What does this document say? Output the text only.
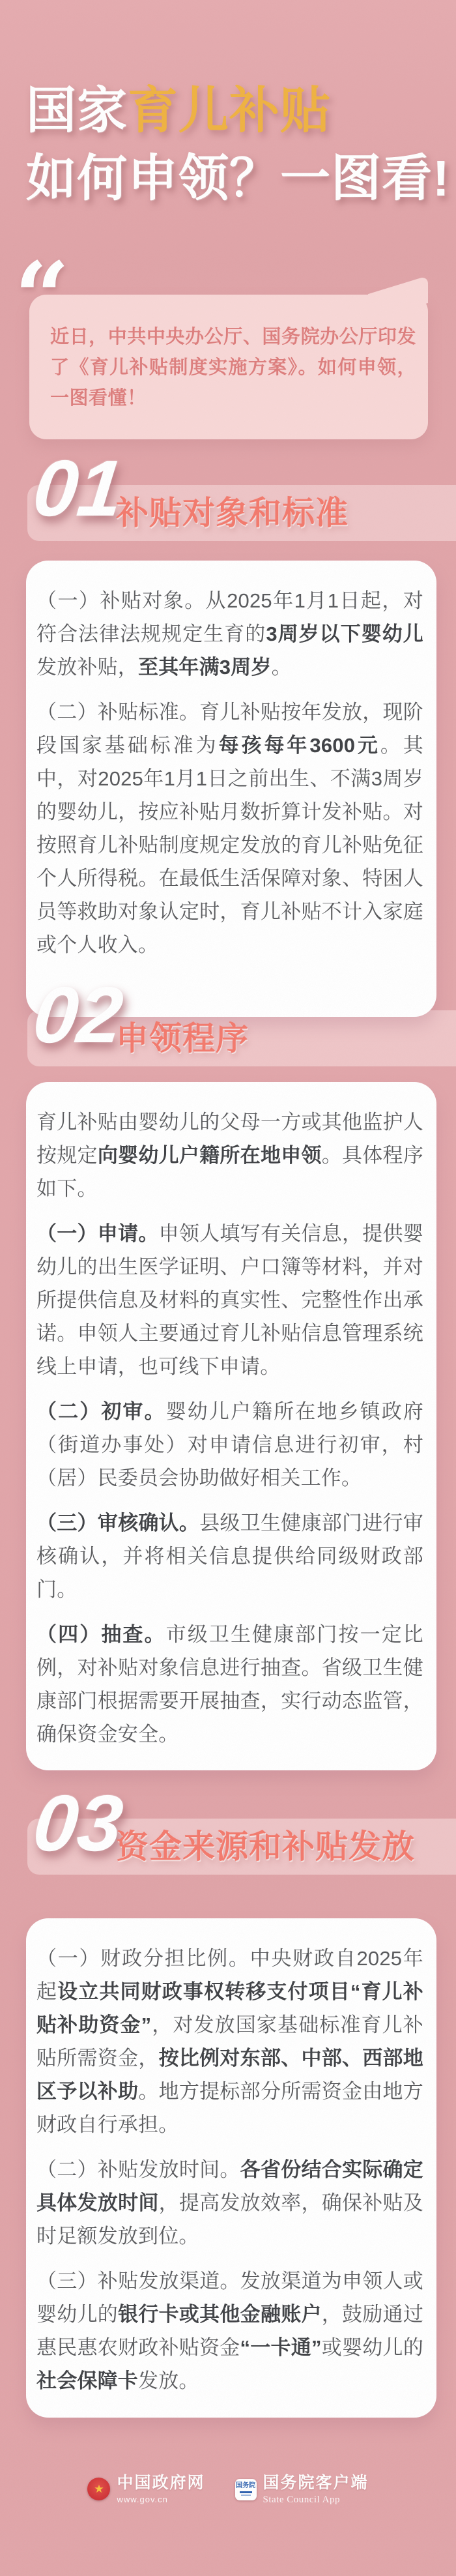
国家育儿补贴
如何申领？一图看!
“

近日，中共中央办公厅、国务院办公厅印发了《育儿补贴制度实施方案》。如何申领，一图看懂！

01
补贴对象和标准

（一）补贴对象。从2025年1月1日起，对符合法律法规规定生育的3周岁以下婴幼儿发放补贴，至其年满3周岁。

（二）补贴标准。育儿补贴按年发放，现阶段国家基础标准为每孩每年3600元。其中，对2025年1月1日之前出生、不满3周岁的婴幼儿，按应补贴月数折算计发补贴。对按照育儿补贴制度规定发放的育儿补贴免征个人所得税。在最低生活保障对象、特困人员等救助对象认定时，育儿补贴不计入家庭或个人收入。

02
申领程序

育儿补贴由婴幼儿的父母一方或其他监护人按规定向婴幼儿户籍所在地申领。具体程序如下。

（一）申请。申领人填写有关信息，提供婴幼儿的出生医学证明、户口簿等材料，并对所提供信息及材料的真实性、完整性作出承诺。申领人主要通过育儿补贴信息管理系统线上申请，也可线下申请。

（二）初审。婴幼儿户籍所在地乡镇政府（街道办事处）对申请信息进行初审，村（居）民委员会协助做好相关工作。

（三）审核确认。县级卫生健康部门进行审核确认，并将相关信息提供给同级财政部门。

（四）抽查。市级卫生健康部门按一定比例，对补贴对象信息进行抽查。省级卫生健康部门根据需要开展抽查，实行动态监管，确保资金安全。

03
资金来源和补贴发放

（一）财政分担比例。中央财政自2025年起设立共同财政事权转移支付项目“育儿补贴补助资金”，对发放国家基础标准育儿补贴所需资金，按比例对东部、中部、西部地区予以补助。地方提标部分所需资金由地方财政自行承担。

（二）补贴发放时间。各省份结合实际确定具体发放时间，提高发放效率，确保补贴及时足额发放到位。

（三）补贴发放渠道。发放渠道为申领人或婴幼儿的银行卡或其他金融账户，鼓励通过惠民惠农财政补贴资金“一卡通”或婴幼儿的社会保障卡发放。

★ 中国政府网
www.gov.cn
国务院 国务院客户端
State Council App
